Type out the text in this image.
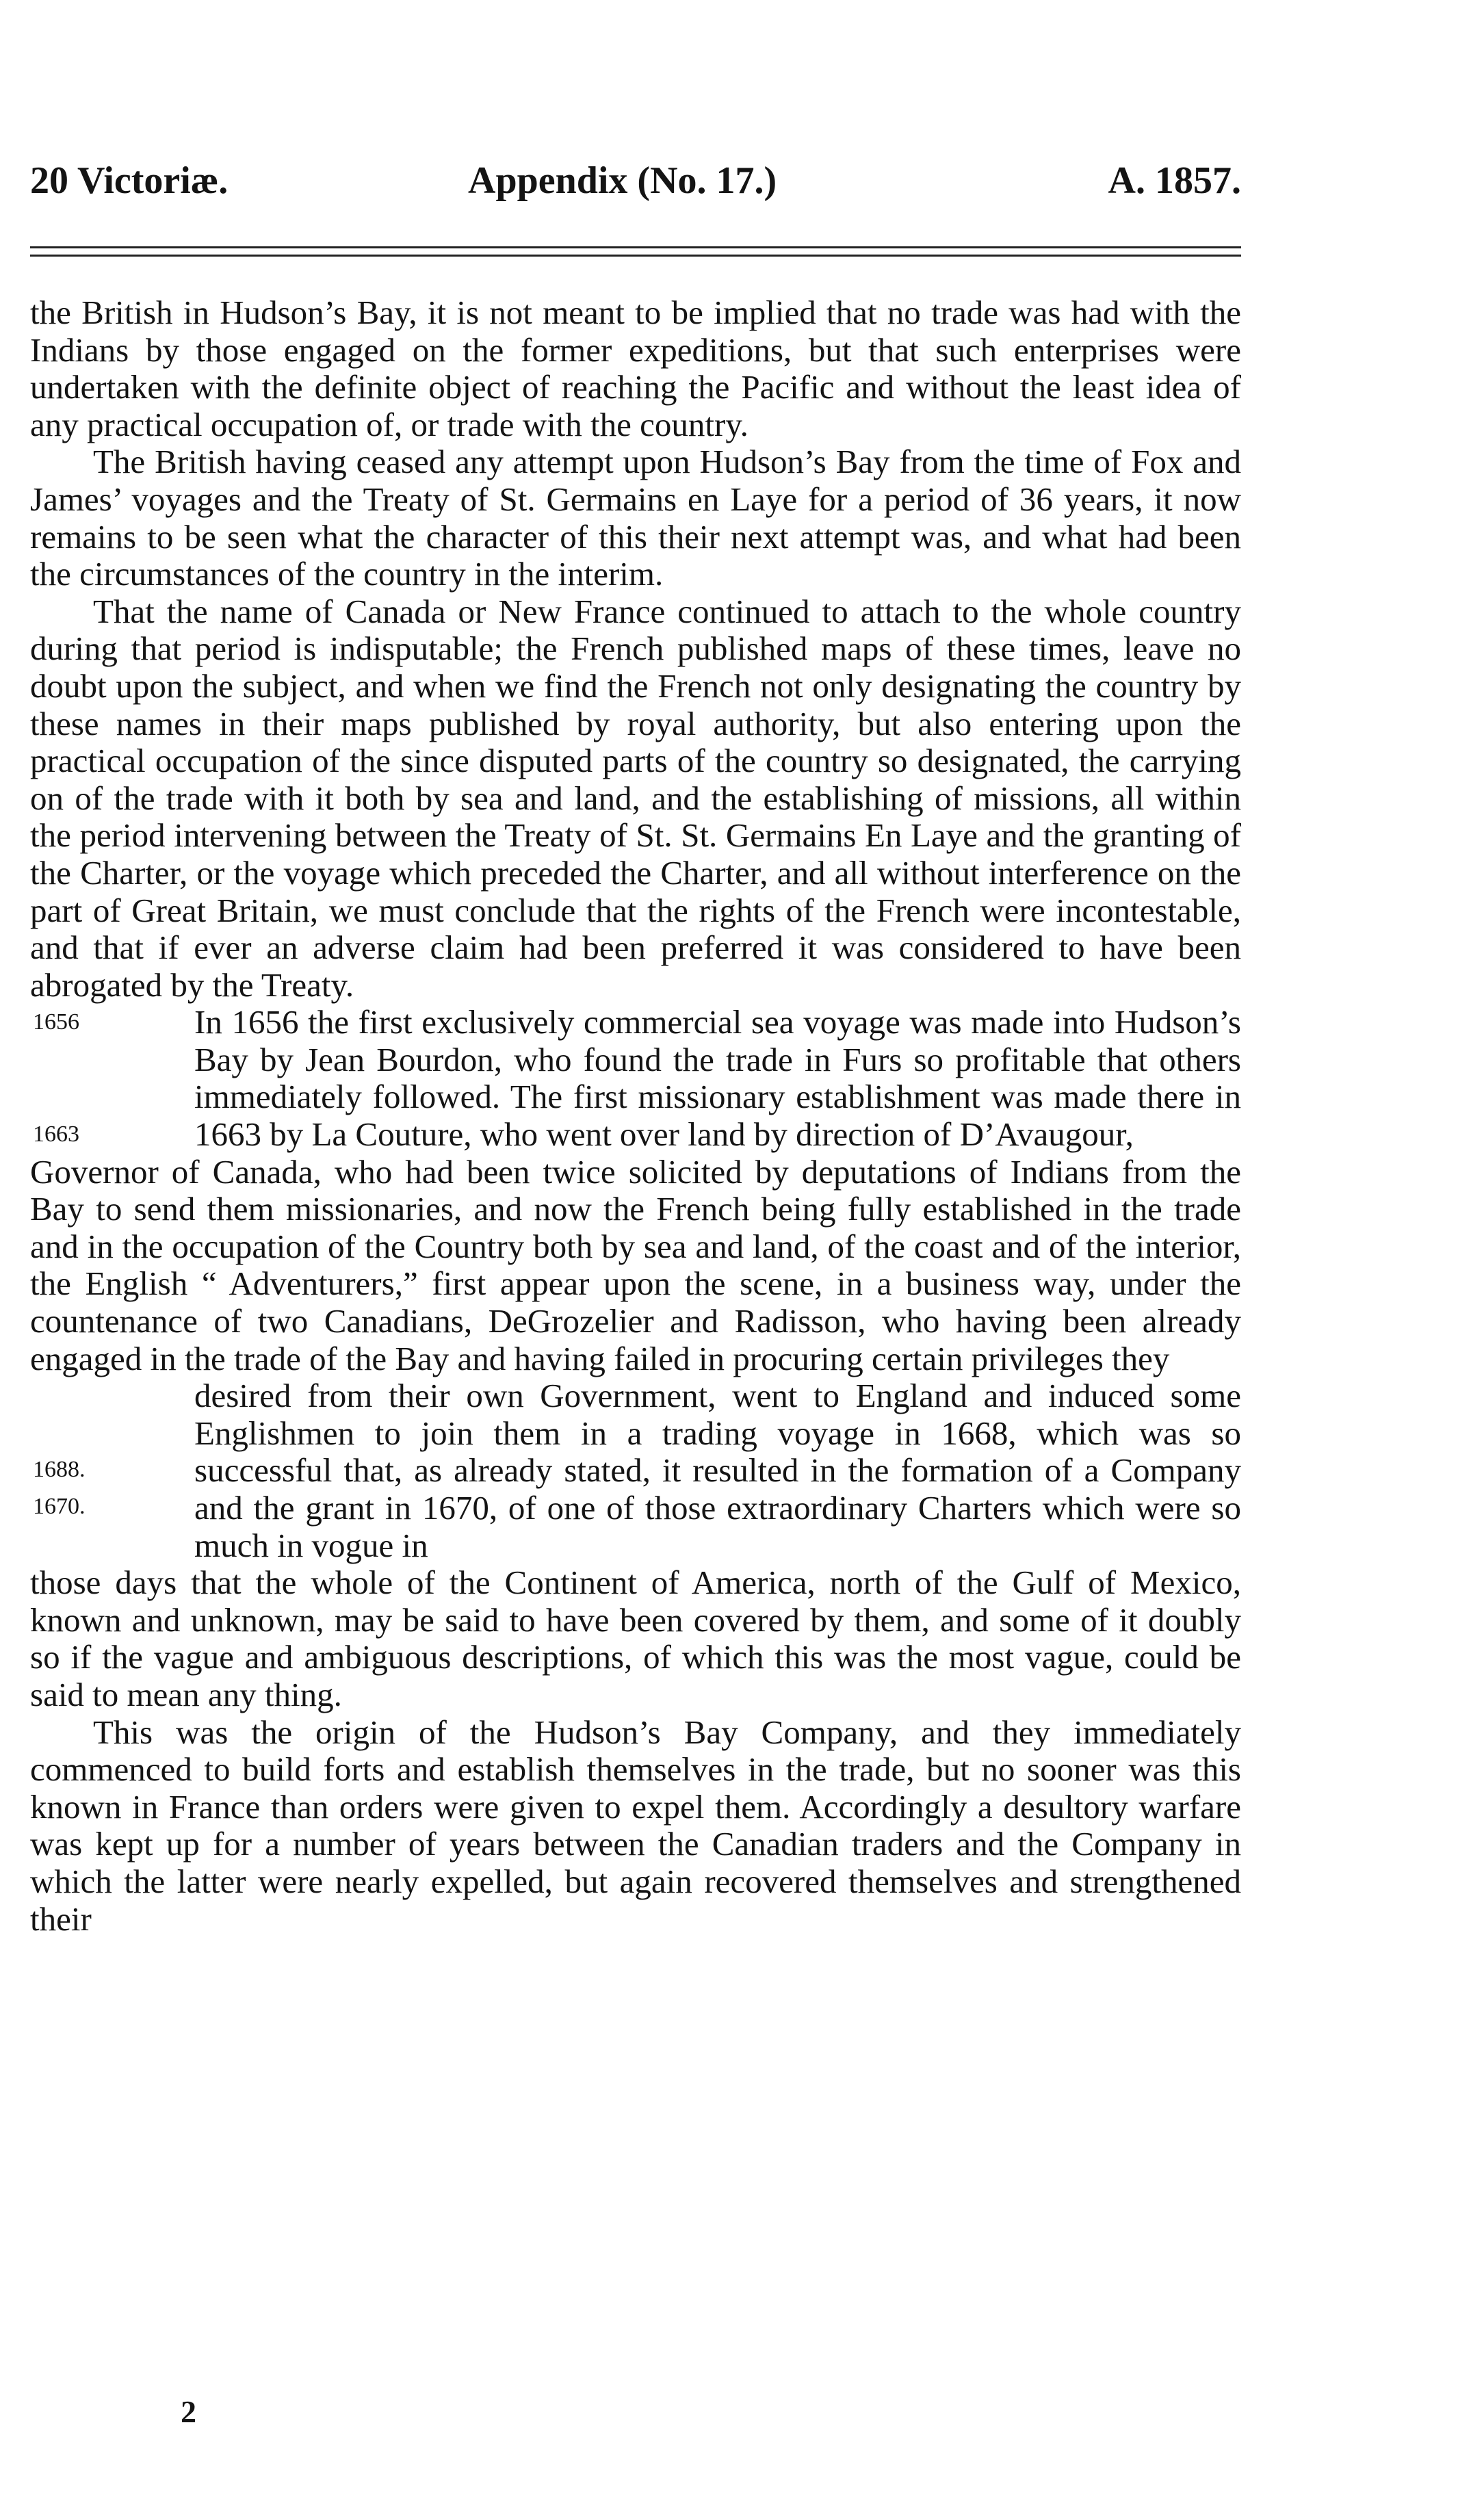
20 Victoriæ.	Appendix (No. 17.)	A. 1857.

the British in Hudson’s Bay, it is not meant to be implied that no trade was had with the Indians by those engaged on the former expeditions, but that such enterprises were undertaken with the definite object of reaching the Pacific and without the least idea of any practical occupation of, or trade with the country.

The British having ceased any attempt upon Hudson’s Bay from the time of Fox and James’ voyages and the Treaty of St. Germains en Laye for a period of 36 years, it now remains to be seen what the character of this their next attempt was, and what had been the circumstances of the country in the interim.

That the name of Canada or New France continued to attach to the whole country during that period is indisputable; the French published maps of these times, leave no doubt upon the subject, and when we find the French not only designating the country by these names in their maps published by royal authority, but also entering upon the practical occupation of the since disputed parts of the country so designated, the carrying on of the trade with it both by sea and land, and the establishing of missions, all within the period intervening between the Treaty of St. St. Germains En Laye and the granting of the Charter, or the voyage which preceded the Charter, and all without interference on the part of Great Britain, we must conclude that the rights of the French were incontestable, and that if ever an adverse claim had been preferred it was considered to have been abrogated by the Treaty.

1656
1663

In 1656 the first exclusively commercial sea voyage was made into Hudson’s Bay by Jean Bourdon, who found the trade in Furs so profitable that others immediately followed. The first missionary establishment was made there in 1663 by La Couture, who went over land by direction of D’Avaugour,

Governor of Canada, who had been twice solicited by deputations of Indians from the Bay to send them missionaries, and now the French being fully established in the trade and in the occupation of the Country both by sea and land, of the coast and of the interior, the English “ Adventurers,” first appear upon the scene, in a business way, under the countenance of two Canadians, DeGrozelier and Radisson, who having been already engaged in the trade of the Bay and having failed in procuring certain privileges they

1688.
1670.

desired from their own Government, went to England and induced some Englishmen to join them in a trading voyage in 1668, which was so successful that, as already stated, it resulted in the formation of a Company and the grant in 1670, of one of those extraordinary Charters which were so much in vogue in

those days that the whole of the Continent of America, north of the Gulf of Mexico, known and unknown, may be said to have been covered by them, and some of it doubly so if the vague and ambiguous descriptions, of which this was the most vague, could be said to mean any thing.

This was the origin of the Hudson’s Bay Company, and they immediately commenced to build forts and establish themselves in the trade, but no sooner was this known in France than orders were given to expel them. Accordingly a desultory warfare was kept up for a number of years between the Canadian traders and the Company in which the latter were nearly expelled, but again recovered themselves and strengthened their

2
